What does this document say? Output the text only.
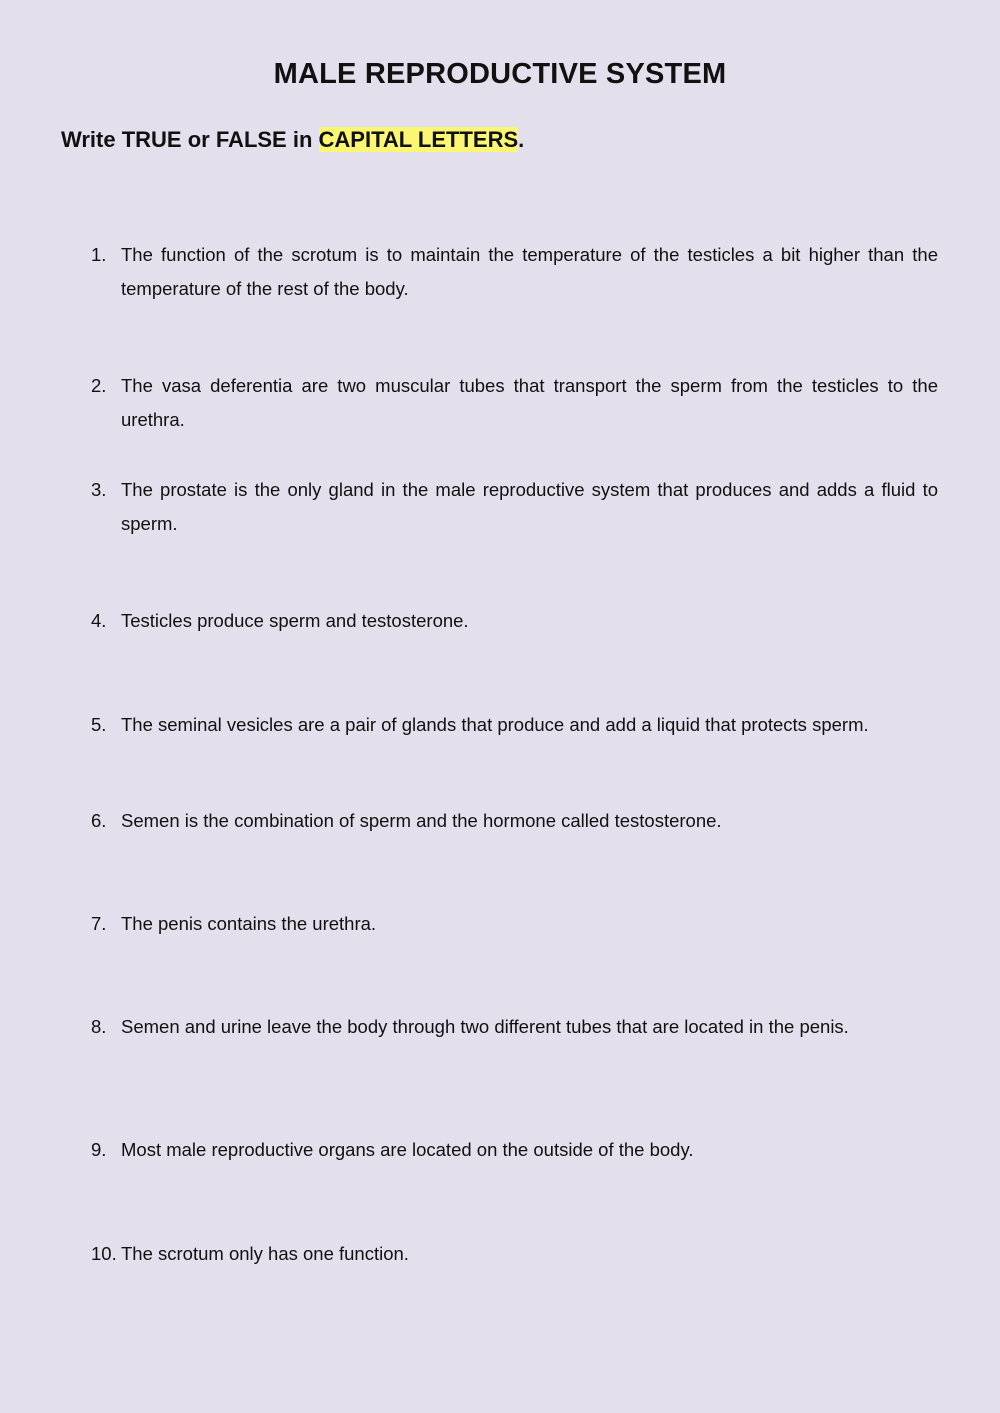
MALE REPRODUCTIVE SYSTEM
Write TRUE or FALSE in CAPITAL LETTERS.
1. The function of the scrotum is to maintain the temperature of the testicles a bit higher than the temperature of the rest of the body.
2. The vasa deferentia are two muscular tubes that transport the sperm from the testicles to the urethra.
3. The prostate is the only gland in the male reproductive system that produces and adds a fluid to sperm.
4. Testicles produce sperm and testosterone.
5. The seminal vesicles are a pair of glands that produce and add a liquid that protects sperm.
6. Semen is the combination of sperm and the hormone called testosterone.
7. The penis contains the urethra.
8. Semen and urine leave the body through two different tubes that are located in the penis.
9. Most male reproductive organs are located on the outside of the body.
10. The scrotum only has one function.
